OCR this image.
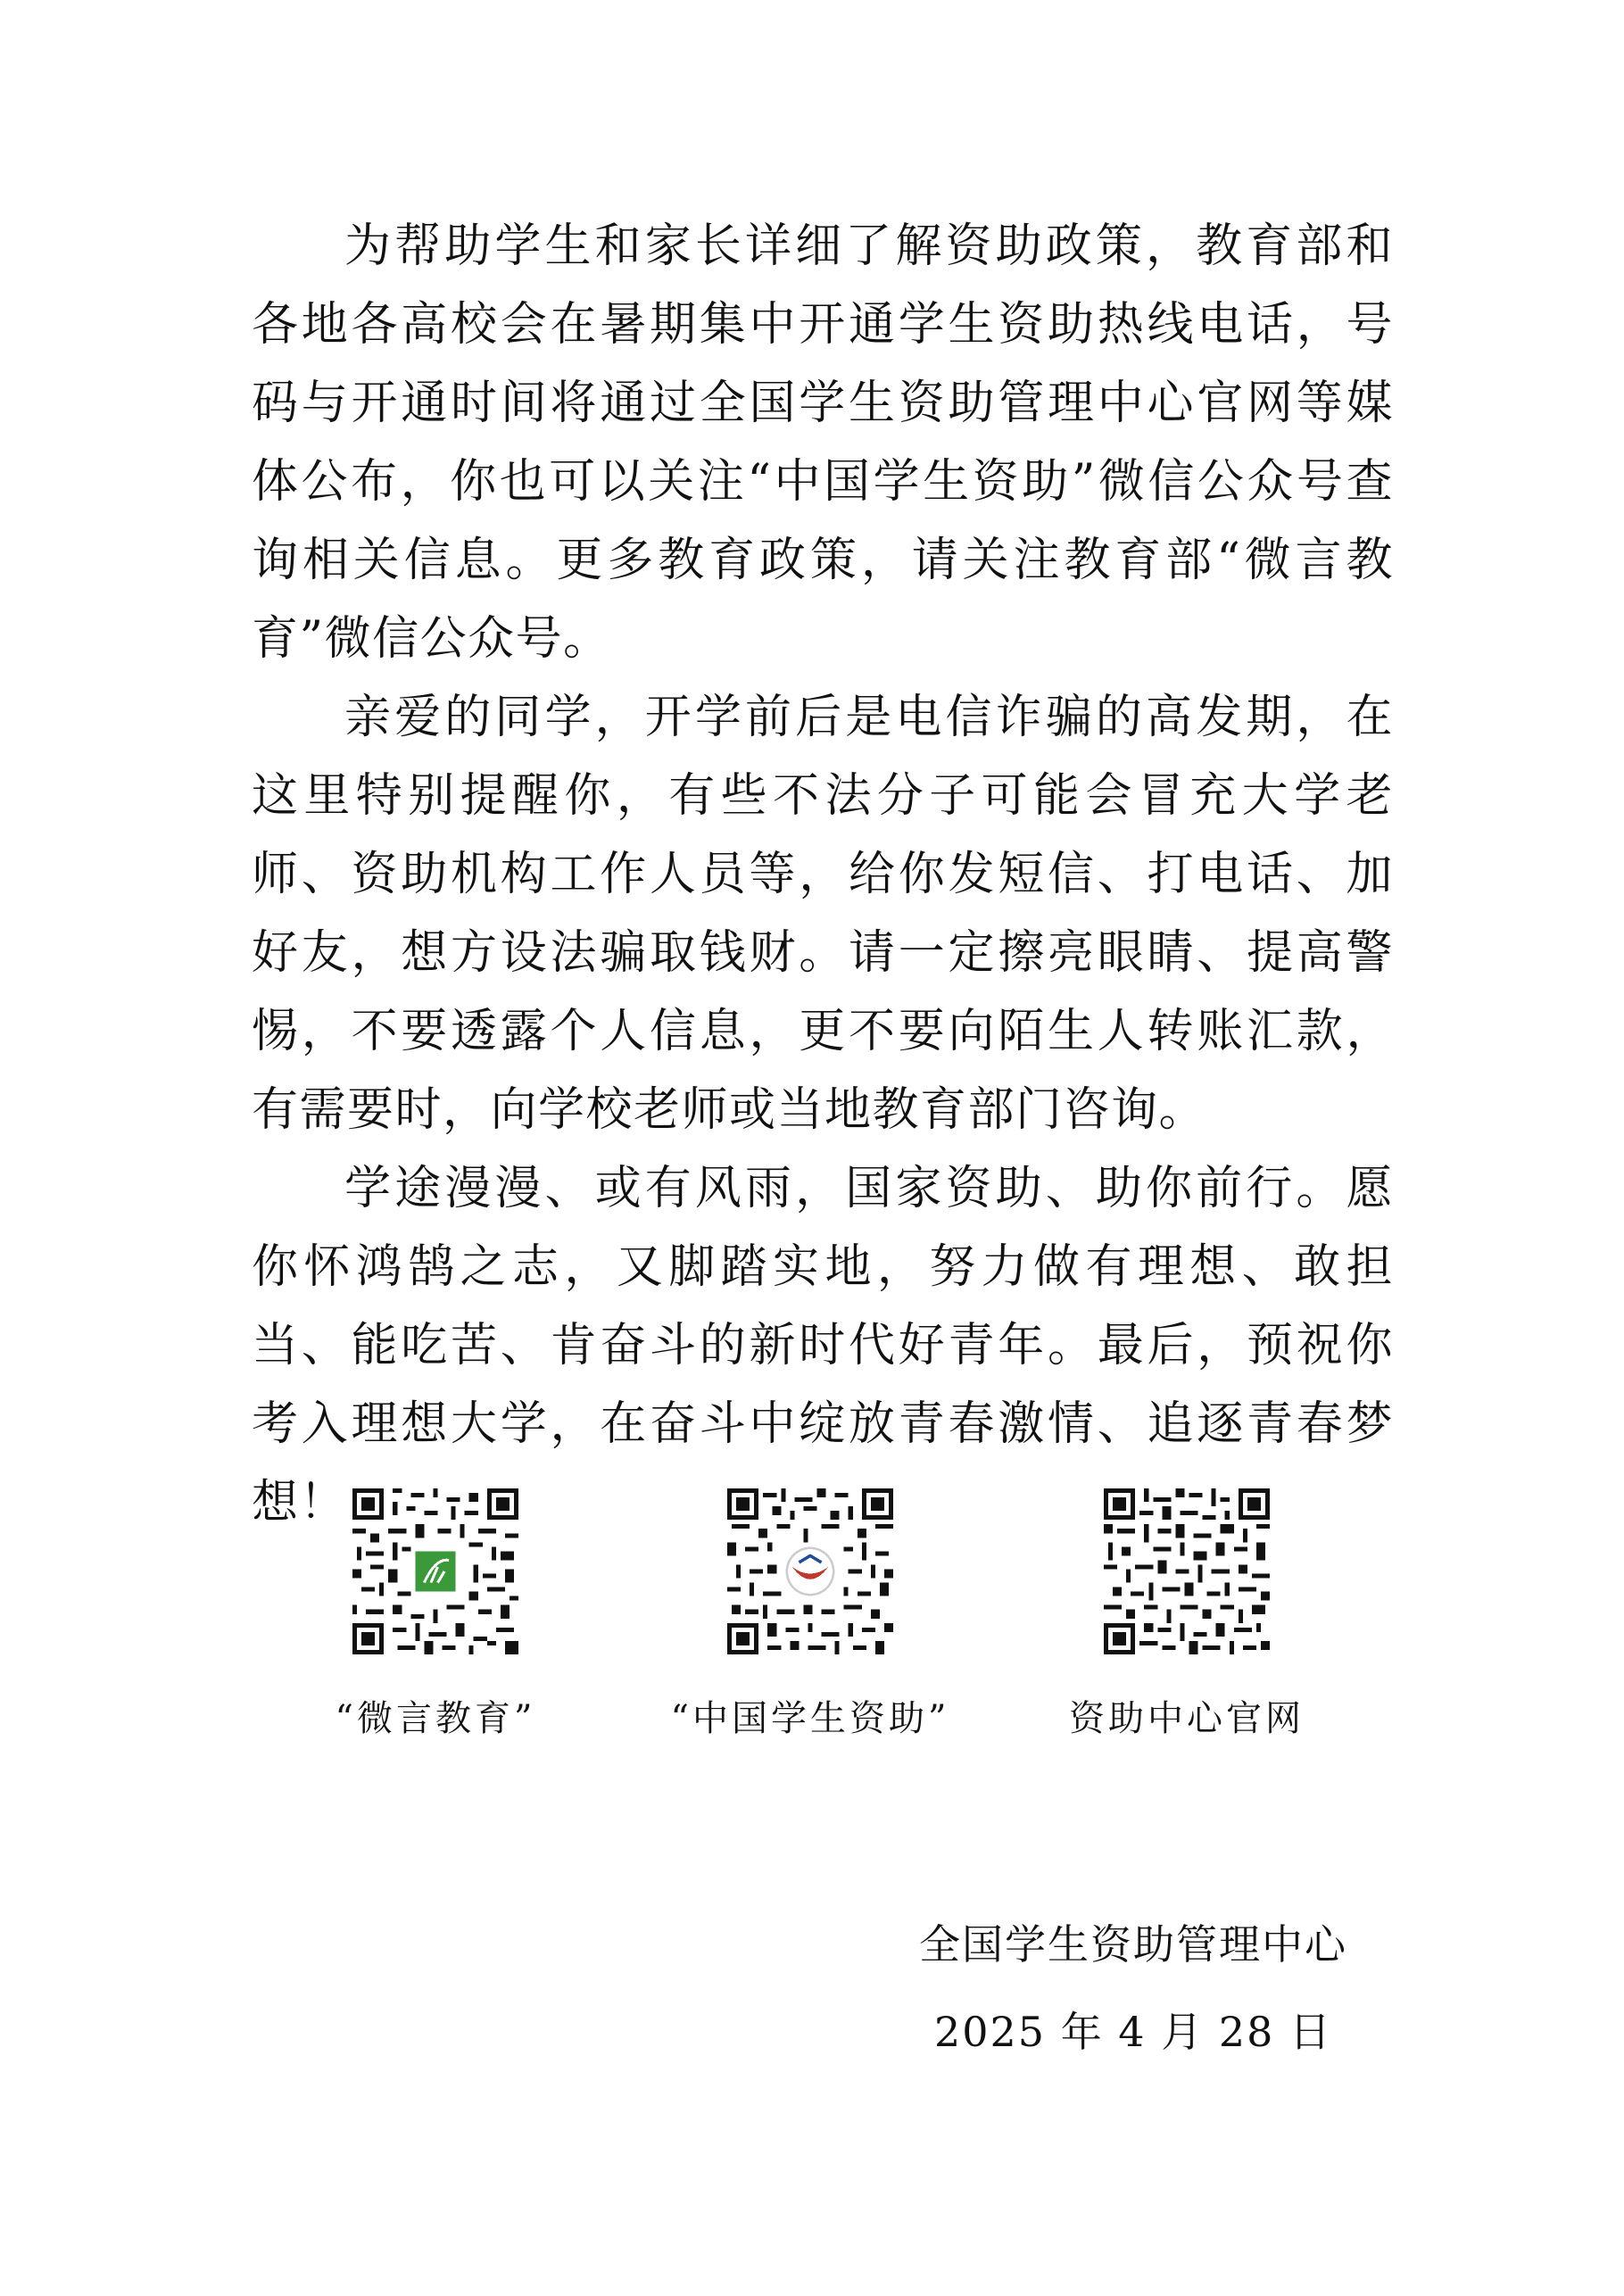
为帮助学生和家长详细了解资助政策，教育部和各地各高校会在暑期集中开通学生资助热线电话，号码与开通时间将通过全国学生资助管理中心官网等媒体公布，你也可以关注“中国学生资助”微信公众号查询相关信息。更多教育政策，请关注教育部“微言教育”微信公众号。

亲爱的同学，开学前后是电信诈骗的高发期，在这里特别提醒你，有些不法分子可能会冒充大学老师、资助机构工作人员等，给你发短信、打电话、加好友，想方设法骗取钱财。请一定擦亮眼睛、提高警惕，不要透露个人信息，更不要向陌生人转账汇款，有需要时，向学校老师或当地教育部门咨询。

学途漫漫、或有风雨，国家资助、助你前行。愿你怀鸿鹄之志，又脚踏实地，努力做有理想、敢担当、能吃苦、肯奋斗的新时代好青年。最后，预祝你考入理想大学，在奋斗中绽放青春激情、追逐青春梦想！

“微言教育”	“中国学生资助”	资助中心官网
全国学生资助管理中心
2025 年 4 月 28 日
